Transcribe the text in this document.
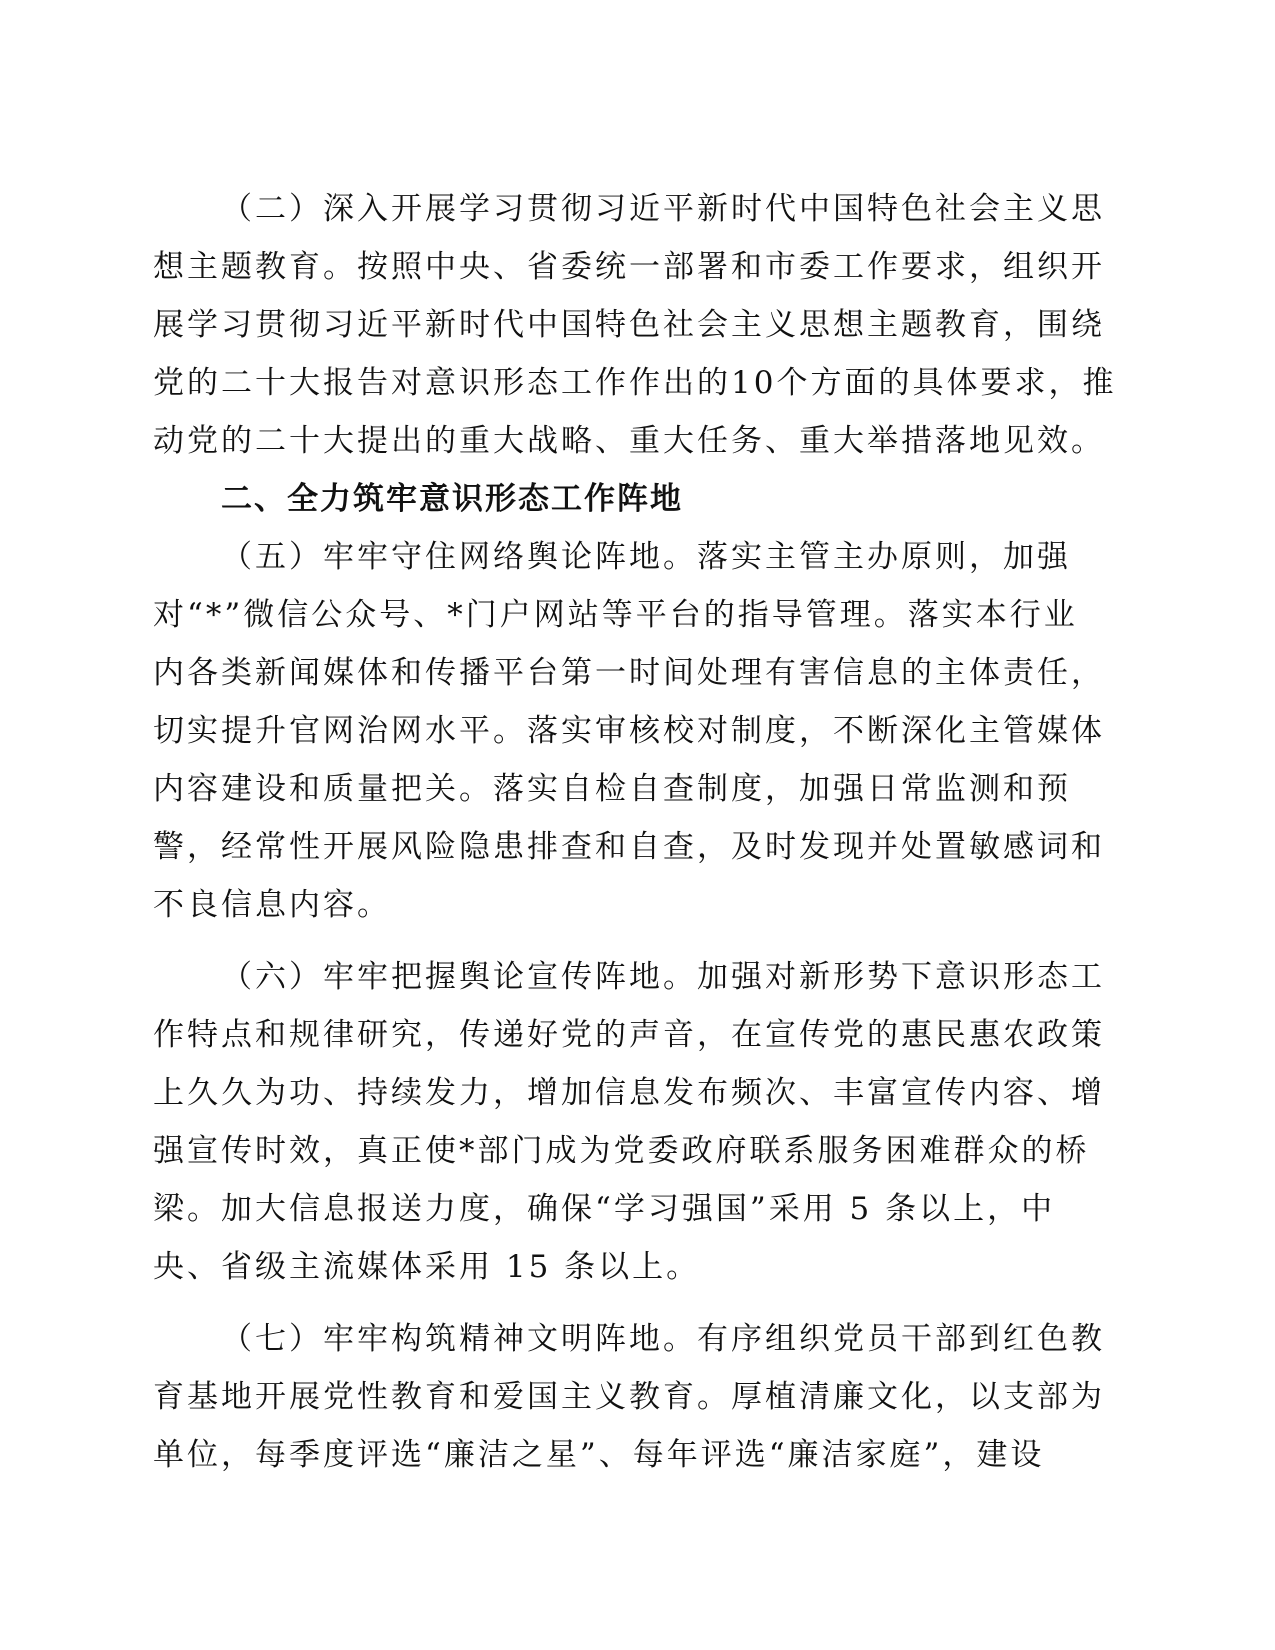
（二）深入开展学习贯彻习近平新时代中国特色社会主义思
想主题教育。按照中央、省委统一部署和市委工作要求，组织开
展学习贯彻习近平新时代中国特色社会主义思想主题教育，围绕
党的二十大报告对意识形态工作作出的10个方面的具体要求，推
动党的二十大提出的重大战略、重大任务、重大举措落地见效。
二、全力筑牢意识形态工作阵地
（五）牢牢守住网络舆论阵地。落实主管主办原则，加强
对“*”微信公众号、*门户网站等平台的指导管理。落实本行业
内各类新闻媒体和传播平台第一时间处理有害信息的主体责任，
切实提升官网治网水平。落实审核校对制度，不断深化主管媒体
内容建设和质量把关。落实自检自查制度，加强日常监测和预
警，经常性开展风险隐患排查和自查，及时发现并处置敏感词和
不良信息内容。
（六）牢牢把握舆论宣传阵地。加强对新形势下意识形态工
作特点和规律研究，传递好党的声音，在宣传党的惠民惠农政策
上久久为功、持续发力，增加信息发布频次、丰富宣传内容、增
强宣传时效，真正使*部门成为党委政府联系服务困难群众的桥
梁。加大信息报送力度，确保“学习强国”采用 5 条以上，中
央、省级主流媒体采用 15 条以上。
（七）牢牢构筑精神文明阵地。有序组织党员干部到红色教
育基地开展党性教育和爱国主义教育。厚植清廉文化，以支部为
单位，每季度评选“廉洁之星”、每年评选“廉洁家庭”，建设
